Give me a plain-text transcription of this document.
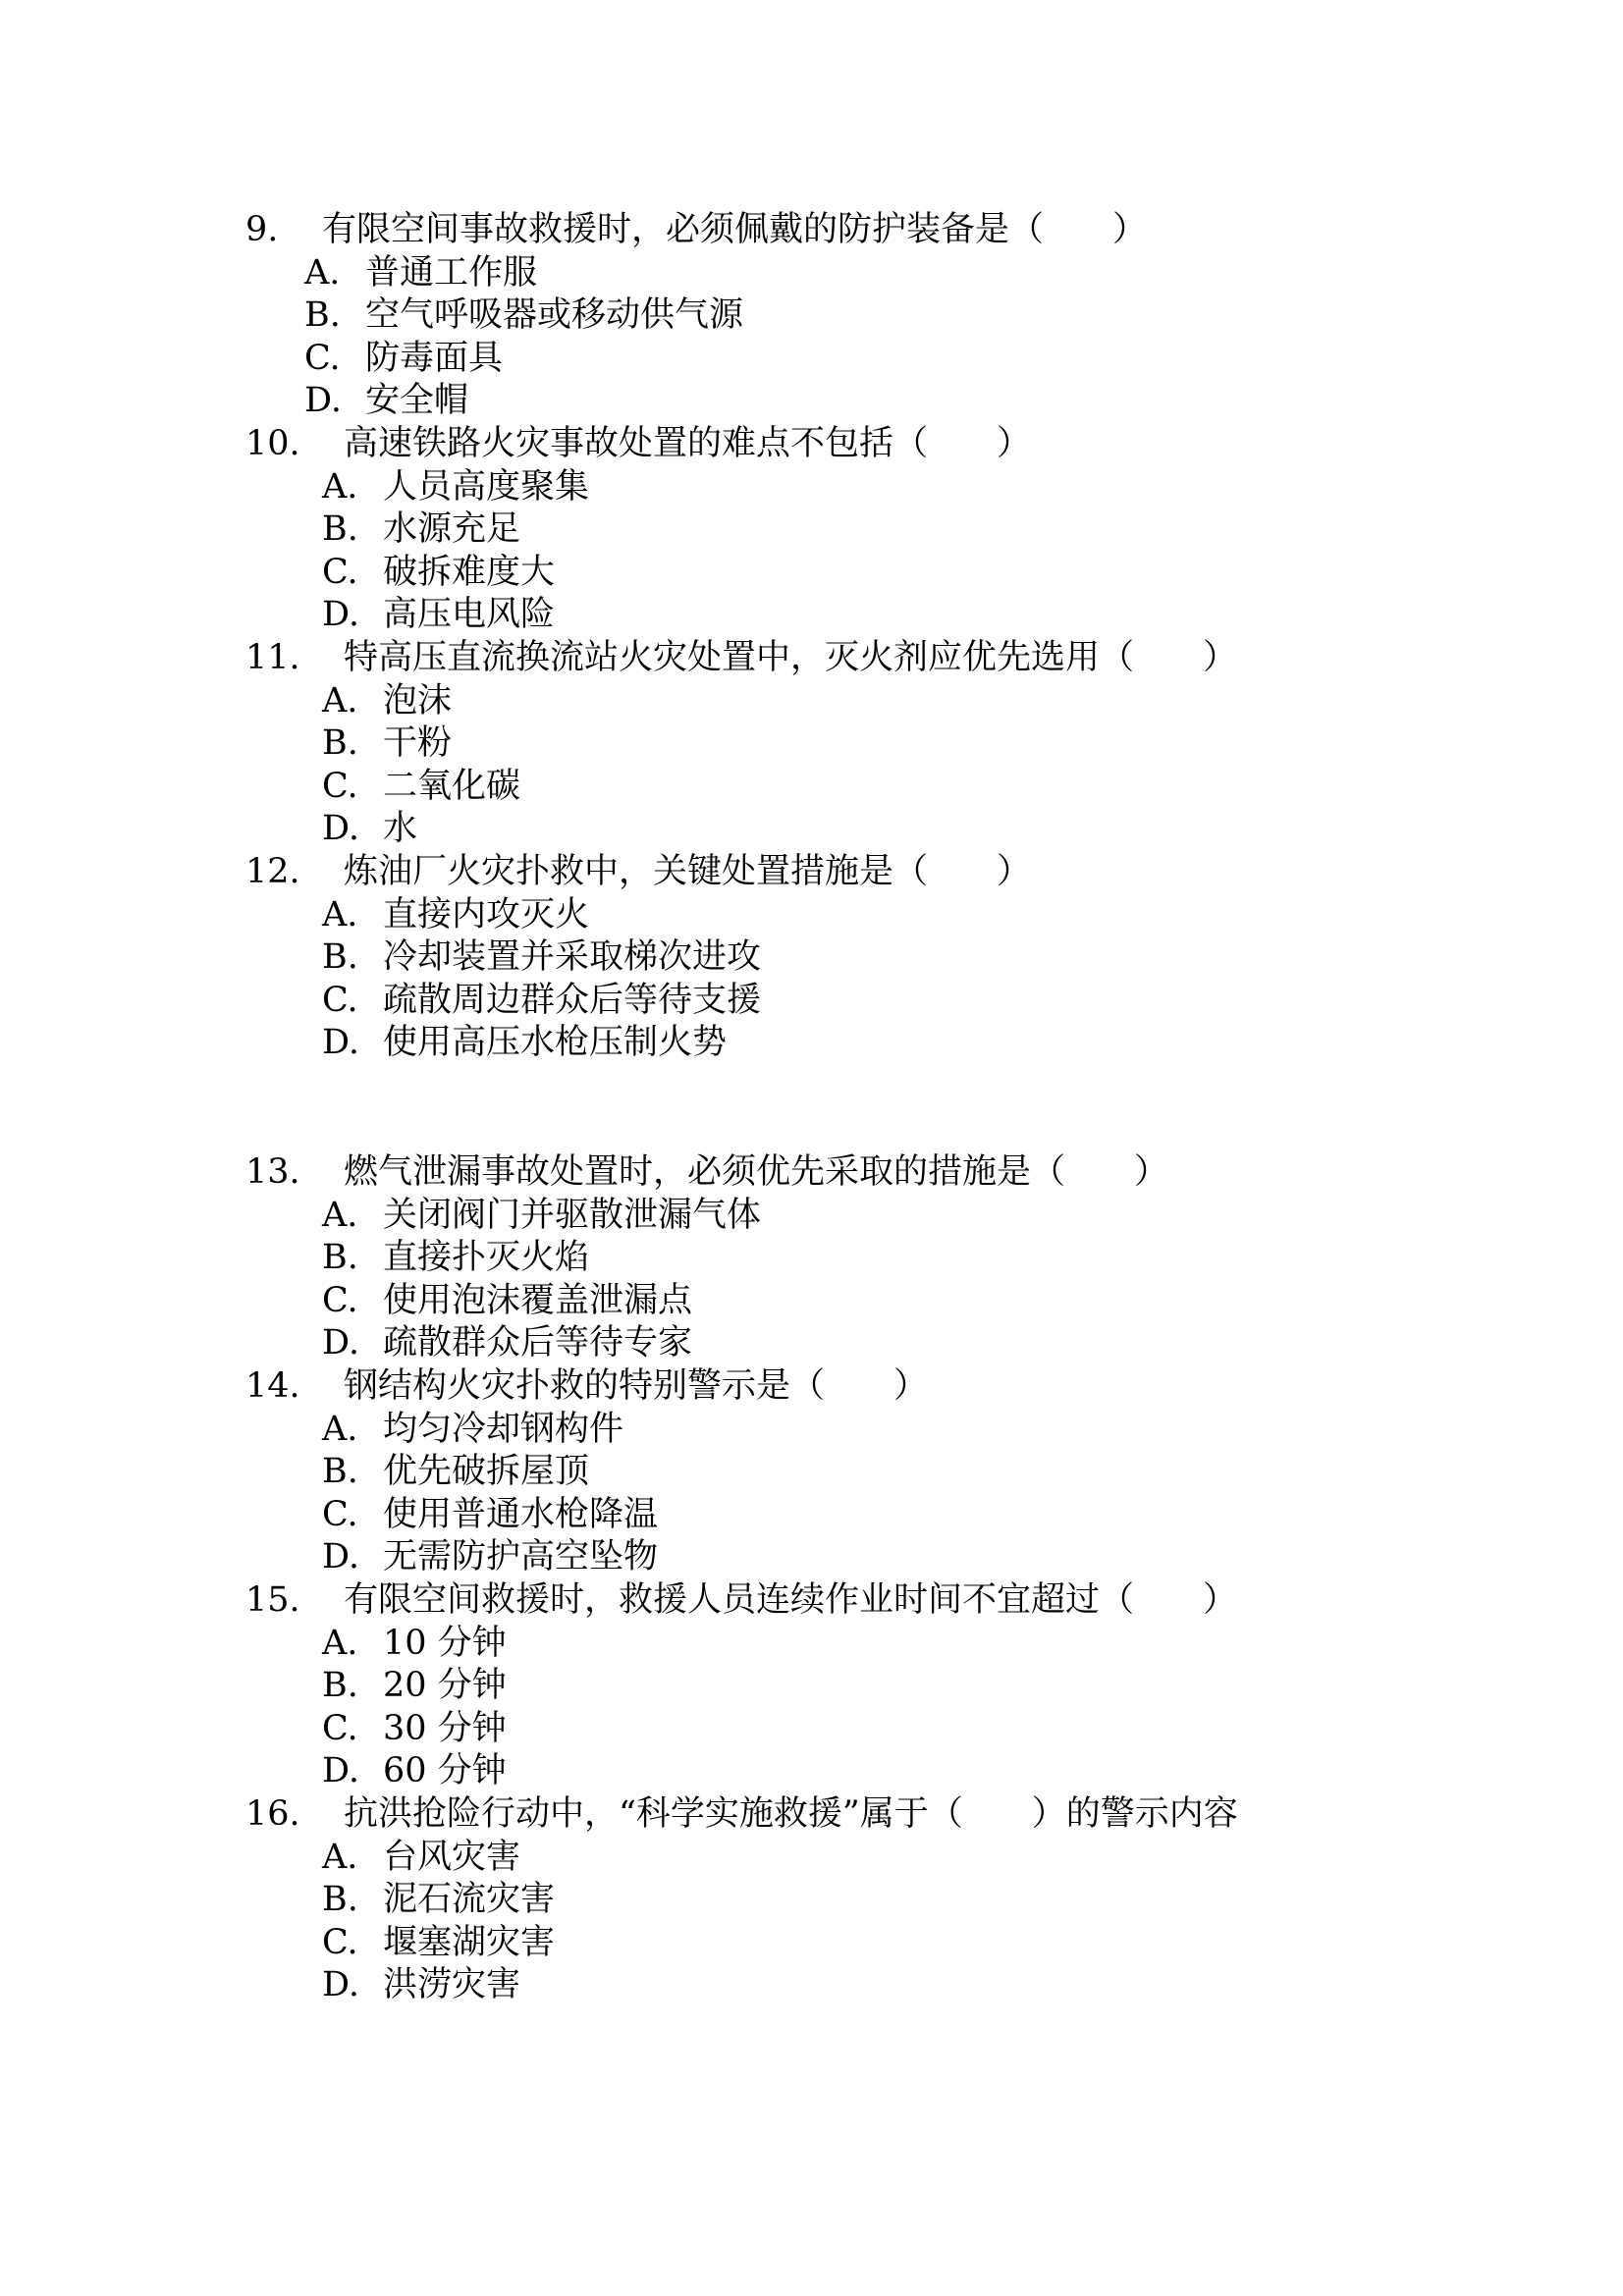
9. 有限空间事故救援时，必须佩戴的防护装备是（　　）
A. 普通工作服
B. 空气呼吸器或移动供气源
C. 防毒面具
D. 安全帽
10. 高速铁路火灾事故处置的难点不包括（　　）
A. 人员高度聚集
B. 水源充足
C. 破拆难度大
D. 高压电风险
11. 特高压直流换流站火灾处置中，灭火剂应优先选用（　　）
A. 泡沫
B. 干粉
C. 二氧化碳
D. 水
12. 炼油厂火灾扑救中，关键处置措施是（　　）
A. 直接内攻灭火
B. 冷却装置并采取梯次进攻
C. 疏散周边群众后等待支援
D. 使用高压水枪压制火势
13. 燃气泄漏事故处置时，必须优先采取的措施是（　　）
A. 关闭阀门并驱散泄漏气体
B. 直接扑灭火焰
C. 使用泡沫覆盖泄漏点
D. 疏散群众后等待专家
14. 钢结构火灾扑救的特别警示是（　　）
A. 均匀冷却钢构件
B. 优先破拆屋顶
C. 使用普通水枪降温
D. 无需防护高空坠物
15. 有限空间救援时，救援人员连续作业时间不宜超过（　　）
A. 10 分钟
B. 20 分钟
C. 30 分钟
D. 60 分钟
16. 抗洪抢险行动中，“科学实施救援”属于（　　）的警示内容
A. 台风灾害
B. 泥石流灾害
C. 堰塞湖灾害
D. 洪涝灾害
